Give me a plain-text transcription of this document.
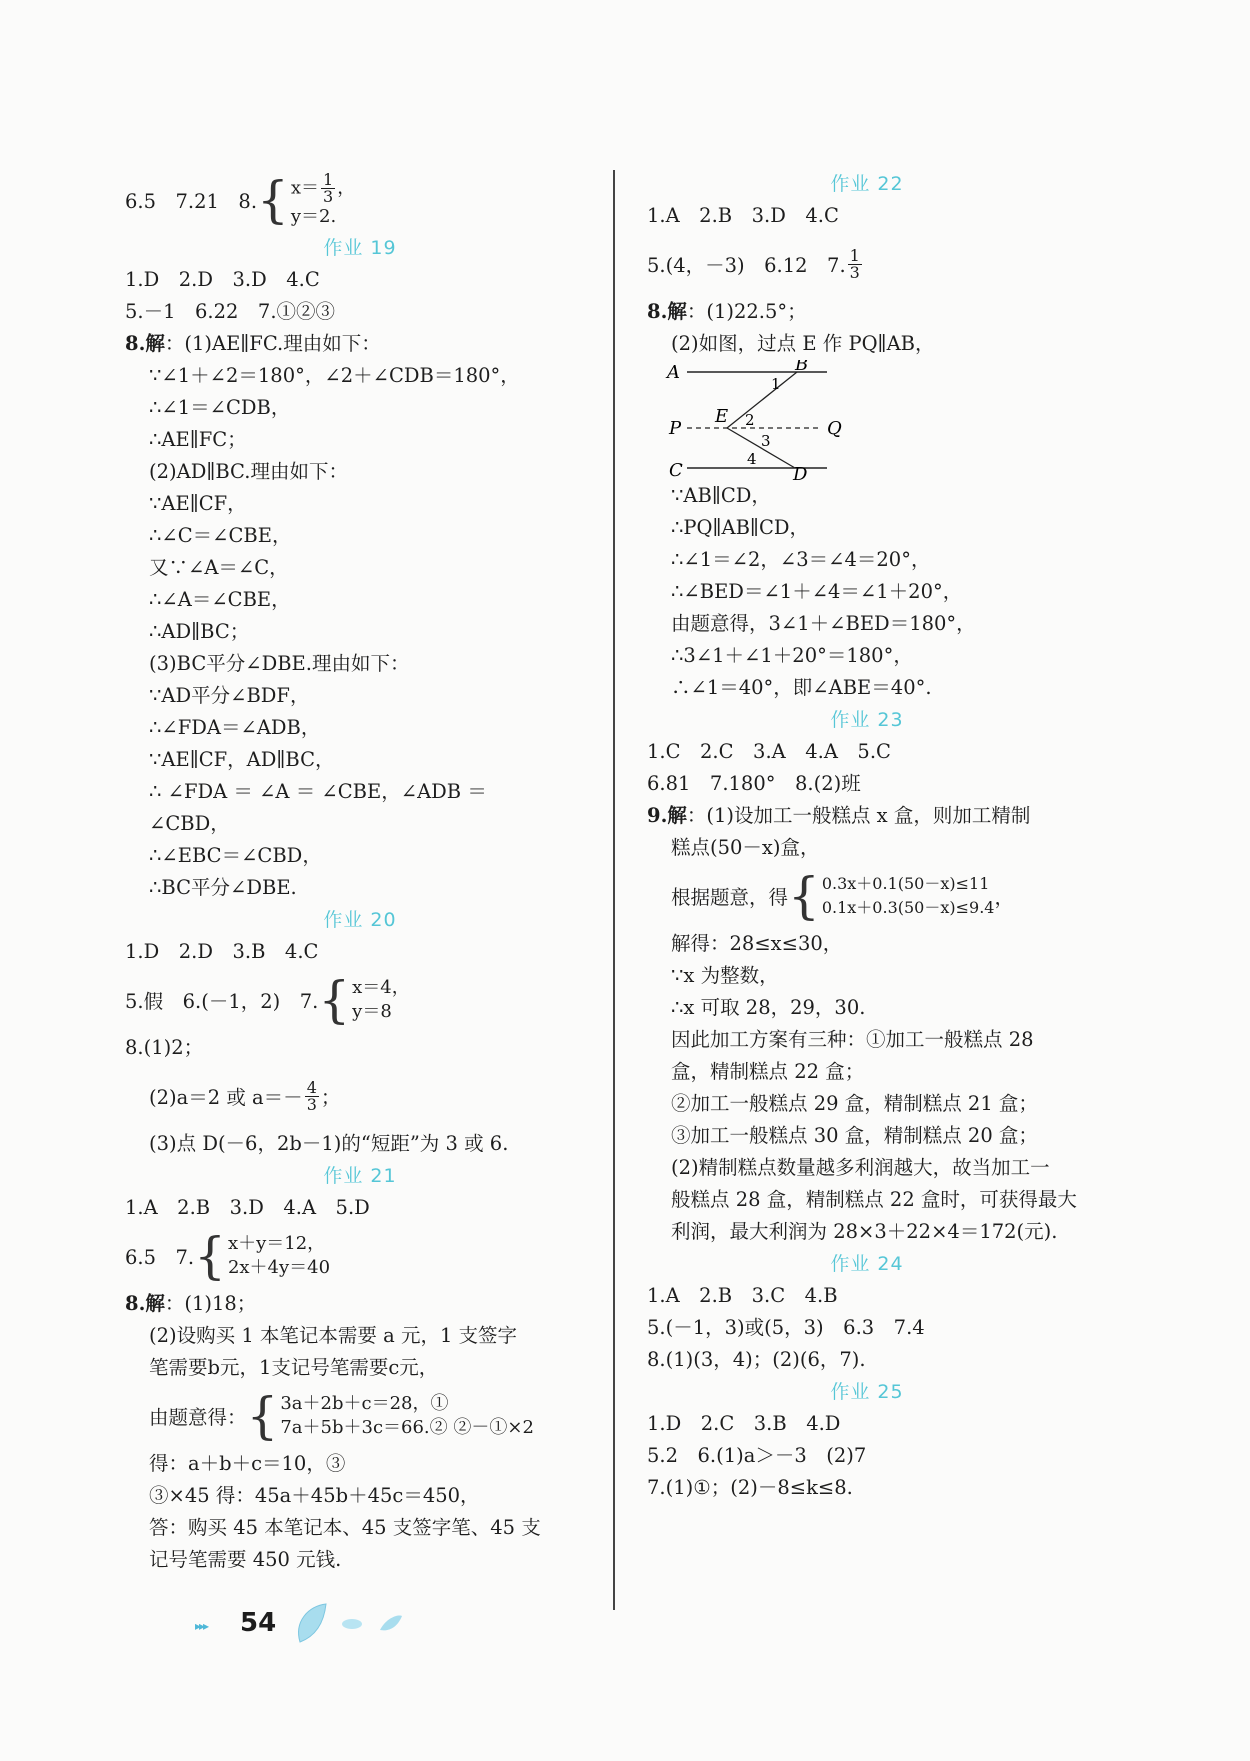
6.5　7.21　8. { $x= \frac{1}{3}$ ，
y＝2.
作业 19
1.D　2.D　3.D　4.C
5.－1　6.22　7.①②③
8.解：(1)AE∥FC.理由如下：
∵∠1＋∠2＝180°，∠2＋∠CDB＝180°，
∴∠1＝∠CDB，
∴AE∥FC；
(2)AD∥BC.理由如下：
∵AE∥CF，
∴∠C＝∠CBE，
又∵∠A＝∠C，
∴∠A＝∠CBE，
∴AD∥BC；
(3)BC平分∠DBE.理由如下：
∵AD平分∠BDF，
∴∠FDA＝∠ADB，
∵AE∥CF，AD∥BC，
∴ ∠FDA ＝ ∠A ＝ ∠CBE，∠ADB ＝
∠CBD，
∴∠EBC＝∠CBD，
∴BC平分∠DBE.
作业 20
1.D　2.D　3.B　4.C
5.假　6.(－1，2)　7. { x＝4，
y＝8
8.(1)2；
(2)a＝2 或 $a=- \frac{4}{3}$ ；
(3)点 D(－6，2b－1)的“短距”为 3 或 6.
作业 21
1.A　2.B　3.D　4.A　5.D
6.5　7. { x＋y＝12，
2x＋4y＝40
8.解：(1)18；
(2)设购买 1 本笔记本需要 a 元，1 支签字
笔需要b元，1支记号笔需要c元，
由题意得： { 3a＋2b＋c＝28，①
7a＋5b＋3c＝66.② ②－①×2
得：a＋b＋c＝10，③
③×45 得：45a＋45b＋45c＝450，
答：购买 45 本笔记本、45 支签字笔、45 支
记号笔需要 450 元钱.
作业 22
1.A　2.B　3.D　4.C
5.(4，－3)　6.12　7. $\frac{1}{3}$
8.解：(1)22.5°；
(2)如图，过点 E 作 PQ∥AB，
A	B
P
E
Q
C	D
1
2
3
4
∵AB∥CD，
∴PQ∥AB∥CD，
∴∠1＝∠2，∠3＝∠4＝20°，
∴∠BED＝∠1＋∠4＝∠1＋20°，
由题意得，3∠1＋∠BED＝180°，
∴3∠1＋∠1＋20°＝180°，
∴∠1＝40°，即∠ABE＝40°.
作业 23
1.C　2.C　3.A　4.A　5.C
6.81　7.180°　8.(2)班
9.解：(1)设加工一般糕点 x 盒，则加工精制
糕点(50－x)盒，
根据题意，得 { 0.3x＋0.1(50－x)≤11
0.1x＋0.3(50－x)≤9.4 ，
解得：28≤x≤30，
∵x 为整数，
∴x 可取 28，29，30.
因此加工方案有三种：①加工一般糕点 28
盒，精制糕点 22 盒；
②加工一般糕点 29 盒，精制糕点 21 盒；
③加工一般糕点 30 盒，精制糕点 20 盒；
(2)精制糕点数量越多利润越大，故当加工一
般糕点 28 盒，精制糕点 22 盒时，可获得最大
利润，最大利润为 28×3＋22×4＝172(元).
作业 24
1.A　2.B　3.C　4.B
5.(－1，3)或(5，3)　6.3　7.4
8.(1)(3，4)；(2)(6，7).
作业 25
1.D　2.C　3.B　4.D
5.2　6.(1)a＞－3　(2)7
7.(1)①；(2)－8≤k≤8.
▸▸▸ 54
